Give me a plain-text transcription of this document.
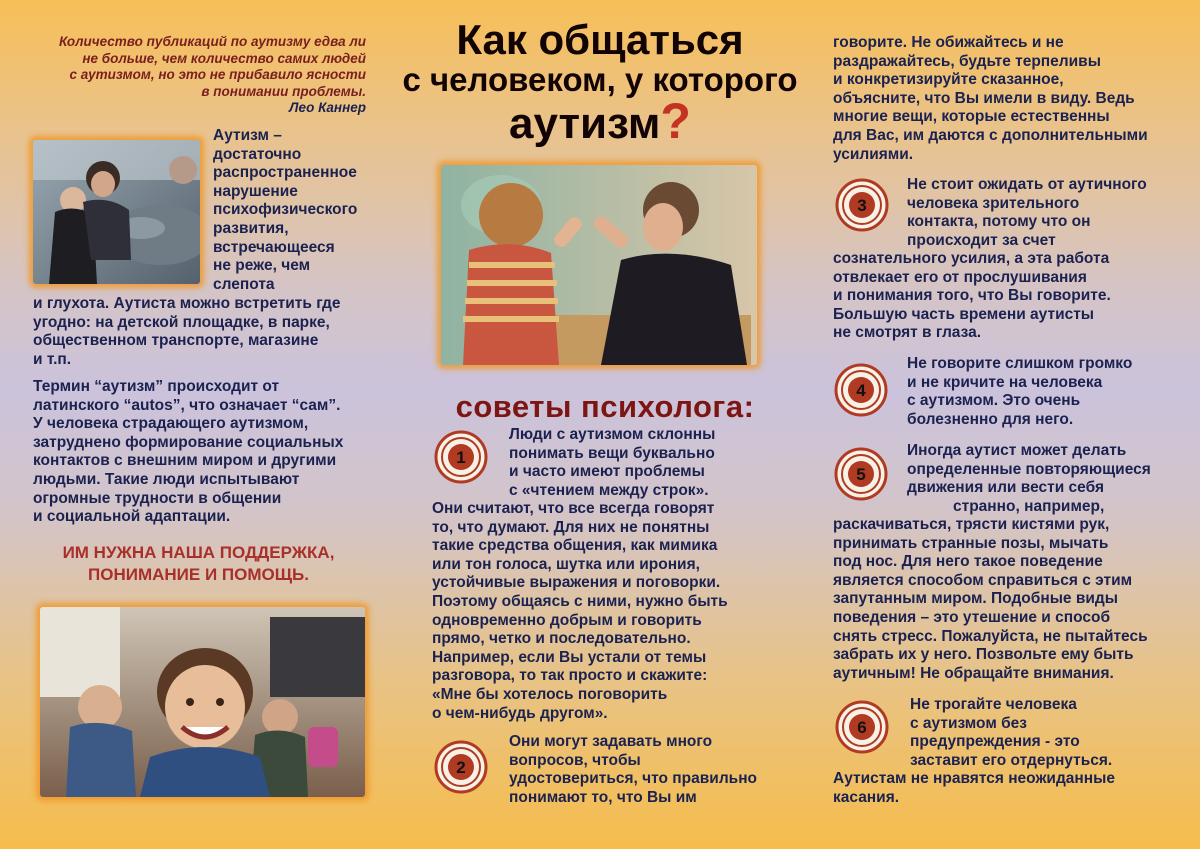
Количество публикаций по аутизму едва ли
не больше, чем количество самих людей
с аутизмом, но это не прибавило ясности
в понимании проблемы.
Лео Каннер
Аутизм –
достаточно
распространенное
нарушение
психофизического
развития,
встречающееся
не реже, чем
слепота
и глухота. Аутиста можно встретить где
угодно: на детской площадке, в парке,
общественном транспорте, магазине
и т.п.
Термин “аутизм” происходит от
латинского “autos”, что означает “сам”.
У человека страдающего аутизмом,
затруднено формирование социальных
контактов с внешним миром и другими
людьми. Такие люди испытывают
огромные трудности в общении
и социальной адаптации.
ИМ НУЖНА НАША ПОДДЕРЖКА,
ПОНИМАНИЕ И ПОМОЩЬ.
Как общаться
с человеком, у которого
аутизм?
советы психолога:
1
Люди с аутизмом склонны
понимать вещи буквально
и часто имеют проблемы
с «чтением между строк».
Они считают, что все всегда говорят
то, что думают. Для них не понятны
такие средства общения, как мимика
или тон голоса, шутка или ирония,
устойчивые выражения и поговорки.
Поэтому общаясь с ними, нужно быть
одновременно добрым и говорить
прямо, четко и последовательно.
Например, если Вы устали от темы
разговора, то так просто и скажите:
«Мне бы хотелось поговорить
о чем-нибудь другом».
2
Они могут задавать много
вопросов, чтобы
удостовериться, что правильно
понимают то, что Вы им
говорите. Не обижайтесь и не
раздражайтесь, будьте терпеливы
и конкретизируйте сказанное,
объясните, что Вы имели в виду. Ведь
многие вещи, которые естественны
для Вас, им даются с дополнительными
усилиями.
3
Не стоит ожидать от аутичного
человека зрительного
контакта, потому что он
происходит за счет
сознательного усилия, а эта работа
отвлекает его от прослушивания
и понимания того, что Вы говорите.
Большую часть времени аутисты
не смотрят в глаза.
4
Не говорите слишком громко
и не кричите на человека
с аутизмом. Это очень
болезненно для него.
5
Иногда аутист может делать
определенные повторяющиеся
движения или вести себя
странно, например,
раскачиваться, трясти кистями рук,
принимать странные позы, мычать
под нос. Для него такое поведение
является способом справиться с этим
запутанным миром. Подобные виды
поведения – это утешение и способ
снять стресс. Пожалуйста, не пытайтесь
забрать их у него. Позвольте ему быть
аутичным! Не обращайте внимания.
6
Не трогайте человека
с аутизмом без
предупреждения - это
заставит его отдернуться.
Аутистам не нравятся неожиданные
касания.
